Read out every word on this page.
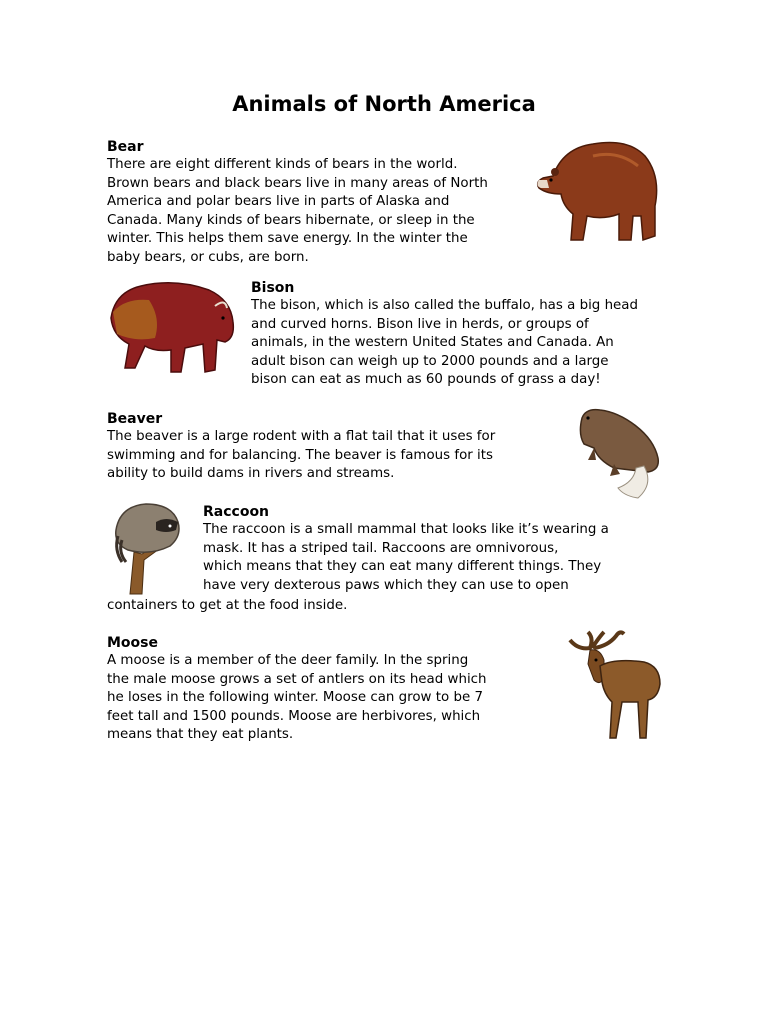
Animals of North America
Bear
There are eight different kinds of bears in the world.
Brown bears and black bears live in many areas of North
America and polar bears live in parts of Alaska and
Canada. Many kinds of bears hibernate, or sleep in the
winter. This helps them save energy. In the winter the
baby bears, or cubs, are born.
Bison
The bison, which is also called the buffalo, has a big head
and curved horns. Bison live in herds, or groups of
animals, in the western United States and Canada. An
adult bison can weigh up to 2000 pounds and a large
bison can eat as much as 60 pounds of grass a day!
Beaver
The beaver is a large rodent with a flat tail that it uses for
swimming and for balancing. The beaver is famous for its
ability to build dams in rivers and streams.
Raccoon
The raccoon is a small mammal that looks like it’s wearing a
mask. It has a striped tail. Raccoons are omnivorous,
which means that they can eat many different things. They
have very dexterous paws which they can use to open
containers to get at the food inside.
Moose
A moose is a member of the deer family. In the spring
the male moose grows a set of antlers on its head which
he loses in the following winter. Moose can grow to be 7
feet tall and 1500 pounds. Moose are herbivores, which
means that they eat plants.
